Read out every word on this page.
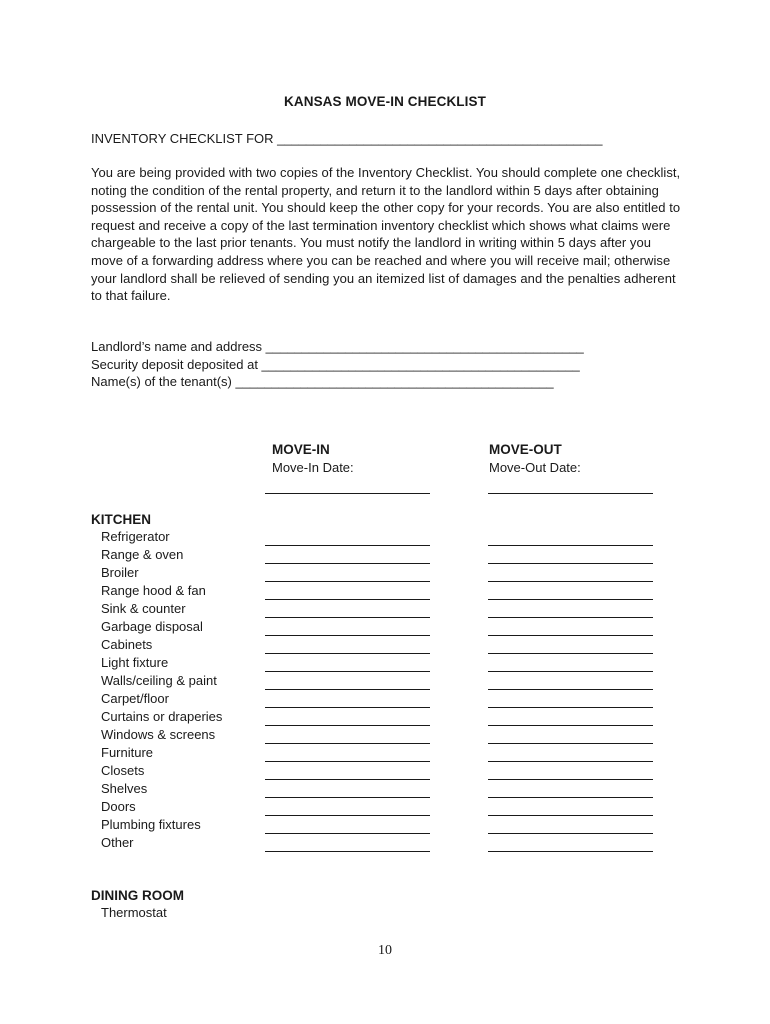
KANSAS MOVE-IN CHECKLIST
INVENTORY CHECKLIST FOR _____________________________________________

You are being provided with two copies of the Inventory Checklist. You should complete one checklist, noting the condition of the rental property, and return it to the landlord within 5 days after obtaining possession of the rental unit. You should keep the other copy for your records. You are also entitled to request and receive a copy of the last termination inventory checklist which shows what claims were chargeable to the last prior tenants. You must notify the landlord in writing within 5 days after you move of a forwarding address where you can be reached and where you will receive mail; otherwise your landlord shall be relieved of sending you an itemized list of damages and the penalties adherent to that failure.

Landlord’s name and address ____________________________________________
Security deposit deposited at ____________________________________________
Name(s) of the tenant(s) ____________________________________________
MOVE-IN
Move-In Date:
MOVE-OUT
Move-Out Date:
KITCHEN
Refrigerator
Range & oven
Broiler
Range hood & fan
Sink & counter
Garbage disposal
Cabinets
Light fixture
Walls/ceiling & paint
Carpet/floor
Curtains or draperies
Windows & screens
Furniture
Closets
Shelves
Doors
Plumbing fixtures
Other
DINING ROOM
Thermostat
10
